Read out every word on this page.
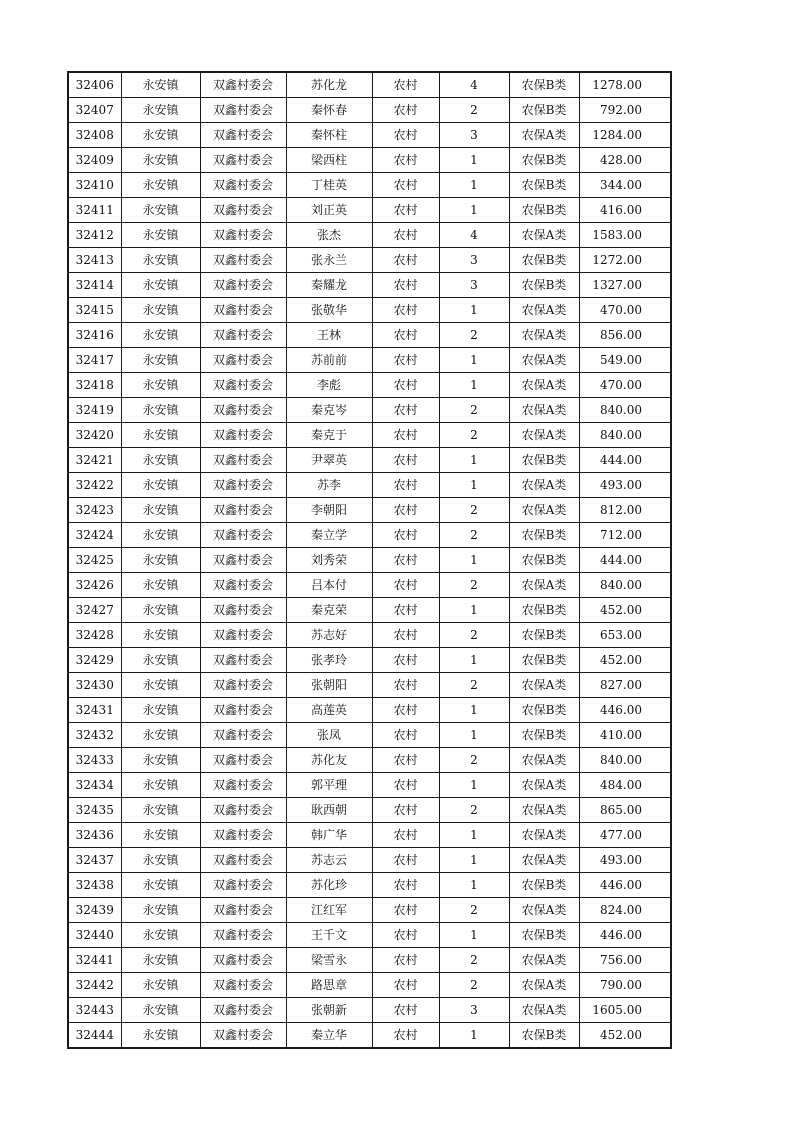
32406	永安镇	双鑫村委会	苏化龙	农村	4	农保B类	1278.00
32407	永安镇	双鑫村委会	秦怀春	农村	2	农保B类	792.00
32408	永安镇	双鑫村委会	秦怀柱	农村	3	农保A类	1284.00
32409	永安镇	双鑫村委会	梁西柱	农村	1	农保B类	428.00
32410	永安镇	双鑫村委会	丁桂英	农村	1	农保B类	344.00
32411	永安镇	双鑫村委会	刘正英	农村	1	农保B类	416.00
32412	永安镇	双鑫村委会	张杰	农村	4	农保A类	1583.00
32413	永安镇	双鑫村委会	张永兰	农村	3	农保B类	1272.00
32414	永安镇	双鑫村委会	秦耀龙	农村	3	农保B类	1327.00
32415	永安镇	双鑫村委会	张敬华	农村	1	农保A类	470.00
32416	永安镇	双鑫村委会	王林	农村	2	农保A类	856.00
32417	永安镇	双鑫村委会	苏前前	农村	1	农保A类	549.00
32418	永安镇	双鑫村委会	李彪	农村	1	农保A类	470.00
32419	永安镇	双鑫村委会	秦克岑	农村	2	农保A类	840.00
32420	永安镇	双鑫村委会	秦克于	农村	2	农保A类	840.00
32421	永安镇	双鑫村委会	尹翠英	农村	1	农保B类	444.00
32422	永安镇	双鑫村委会	苏李	农村	1	农保A类	493.00
32423	永安镇	双鑫村委会	李朝阳	农村	2	农保A类	812.00
32424	永安镇	双鑫村委会	秦立学	农村	2	农保B类	712.00
32425	永安镇	双鑫村委会	刘秀荣	农村	1	农保B类	444.00
32426	永安镇	双鑫村委会	吕本付	农村	2	农保A类	840.00
32427	永安镇	双鑫村委会	秦克荣	农村	1	农保B类	452.00
32428	永安镇	双鑫村委会	苏志好	农村	2	农保B类	653.00
32429	永安镇	双鑫村委会	张孝玲	农村	1	农保B类	452.00
32430	永安镇	双鑫村委会	张朝阳	农村	2	农保A类	827.00
32431	永安镇	双鑫村委会	高莲英	农村	1	农保B类	446.00
32432	永安镇	双鑫村委会	张凤	农村	1	农保B类	410.00
32433	永安镇	双鑫村委会	苏化友	农村	2	农保A类	840.00
32434	永安镇	双鑫村委会	郭平理	农村	1	农保A类	484.00
32435	永安镇	双鑫村委会	耿西朝	农村	2	农保A类	865.00
32436	永安镇	双鑫村委会	韩广华	农村	1	农保A类	477.00
32437	永安镇	双鑫村委会	苏志云	农村	1	农保A类	493.00
32438	永安镇	双鑫村委会	苏化珍	农村	1	农保B类	446.00
32439	永安镇	双鑫村委会	江红军	农村	2	农保A类	824.00
32440	永安镇	双鑫村委会	王千文	农村	1	农保B类	446.00
32441	永安镇	双鑫村委会	梁雪永	农村	2	农保A类	756.00
32442	永安镇	双鑫村委会	路思章	农村	2	农保A类	790.00
32443	永安镇	双鑫村委会	张朝新	农村	3	农保A类	1605.00
32444	永安镇	双鑫村委会	秦立华	农村	1	农保B类	452.00
